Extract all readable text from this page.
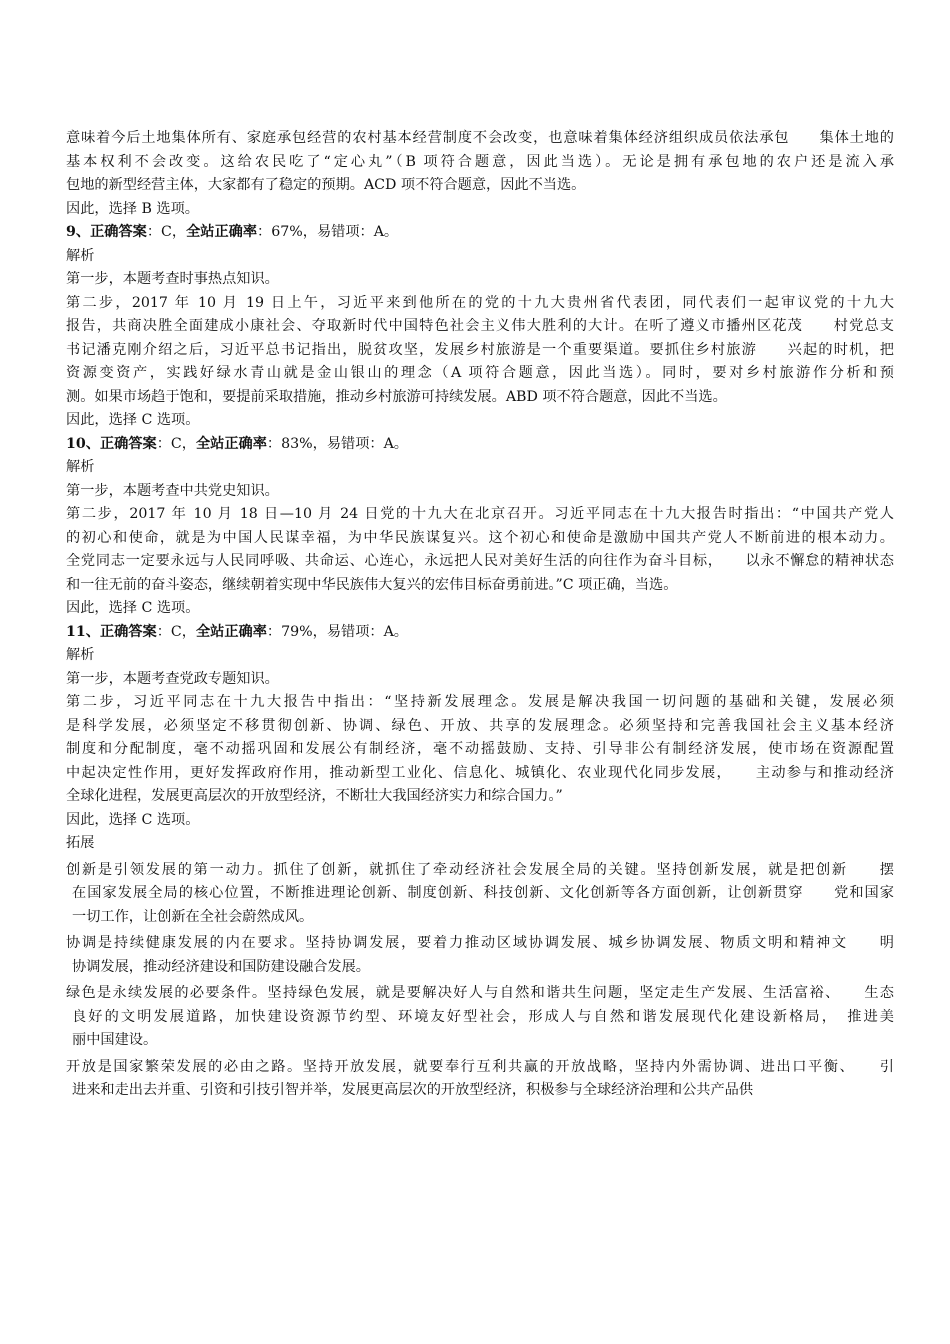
意味着今后土地集体所有、家庭承包经营的农村基本经营制度不会改变，也意味着集体经济组织成员依法承包　　集体土地的
基本权利不会改变。这给农民吃了“定心丸”（B 项符合题意，因此当选）。无论是拥有承包地的农户还是流入承
包地的新型经营主体，大家都有了稳定的预期。ACD 项不符合题意，因此不当选。
因此，选择 B 选项。
9、正确答案：C，全站正确率：67%，易错项：A。
解析
第一步，本题考查时事热点知识。
第二步，2017 年 10 月 19 日上午，习近平来到他所在的党的十九大贵州省代表团，同代表们一起审议党的十九大
报告，共商决胜全面建成小康社会、夺取新时代中国特色社会主义伟大胜利的大计。在听了遵义市播州区花茂　　村党总支
书记潘克刚介绍之后，习近平总书记指出，脱贫攻坚，发展乡村旅游是一个重要渠道。要抓住乡村旅游　　兴起的时机，把
资源变资产，实践好绿水青山就是金山银山的理念（A 项符合题意，因此当选）。同时，要对乡村旅游作分析和预
测。如果市场趋于饱和，要提前采取措施，推动乡村旅游可持续发展。ABD 项不符合题意，因此不当选。
因此，选择 C 选项。
10、正确答案：C，全站正确率：83%，易错项：A。
解析
第一步，本题考查中共党史知识。
第二步，2017 年 10 月 18 日—10 月 24 日党的十九大在北京召开。习近平同志在十九大报告时指出：“中国共产党人
的初心和使命，就是为中国人民谋幸福，为中华民族谋复兴。这个初心和使命是激励中国共产党人不断前进的根本动力。
全党同志一定要永远与人民同呼吸、共命运、心连心，永远把人民对美好生活的向往作为奋斗目标，　　以永不懈怠的精神状态
和一往无前的奋斗姿态，继续朝着实现中华民族伟大复兴的宏伟目标奋勇前进。”C 项正确，当选。
因此，选择 C 选项。
11、正确答案：C，全站正确率：79%，易错项：A。
解析
第一步，本题考查党政专题知识。
第二步，习近平同志在十九大报告中指出：“坚持新发展理念。发展是解决我国一切问题的基础和关键，发展必须
是科学发展，必须坚定不移贯彻创新、协调、绿色、开放、共享的发展理念。必须坚持和完善我国社会主义基本经济
制度和分配制度，毫不动摇巩固和发展公有制经济，毫不动摇鼓励、支持、引导非公有制经济发展，使市场在资源配置
中起决定性作用，更好发挥政府作用，推动新型工业化、信息化、城镇化、农业现代化同步发展，　　主动参与和推动经济
全球化进程，发展更高层次的开放型经济，不断壮大我国经济实力和综合国力。”
因此，选择 C 选项。
拓展
创新是引领发展的第一动力。抓住了创新，就抓住了牵动经济社会发展全局的关键。坚持创新发展，就是把创新　　摆
在国家发展全局的核心位置，不断推进理论创新、制度创新、科技创新、文化创新等各方面创新，让创新贯穿　　党和国家
一切工作，让创新在全社会蔚然成风。
协调是持续健康发展的内在要求。坚持协调发展，要着力推动区域协调发展、城乡协调发展、物质文明和精神文　　明
协调发展，推动经济建设和国防建设融合发展。
绿色是永续发展的必要条件。坚持绿色发展，就是要解决好人与自然和谐共生问题，坚定走生产发展、生活富裕、　　生态
良好的文明发展道路，加快建设资源节约型、环境友好型社会，形成人与自然和谐发展现代化建设新格局，　推进美
丽中国建设。
开放是国家繁荣发展的必由之路。坚持开放发展，就要奉行互利共赢的开放战略，坚持内外需协调、进出口平衡、　　引
进来和走出去并重、引资和引技引智并举，发展更高层次的开放型经济，积极参与全球经济治理和公共产品供
